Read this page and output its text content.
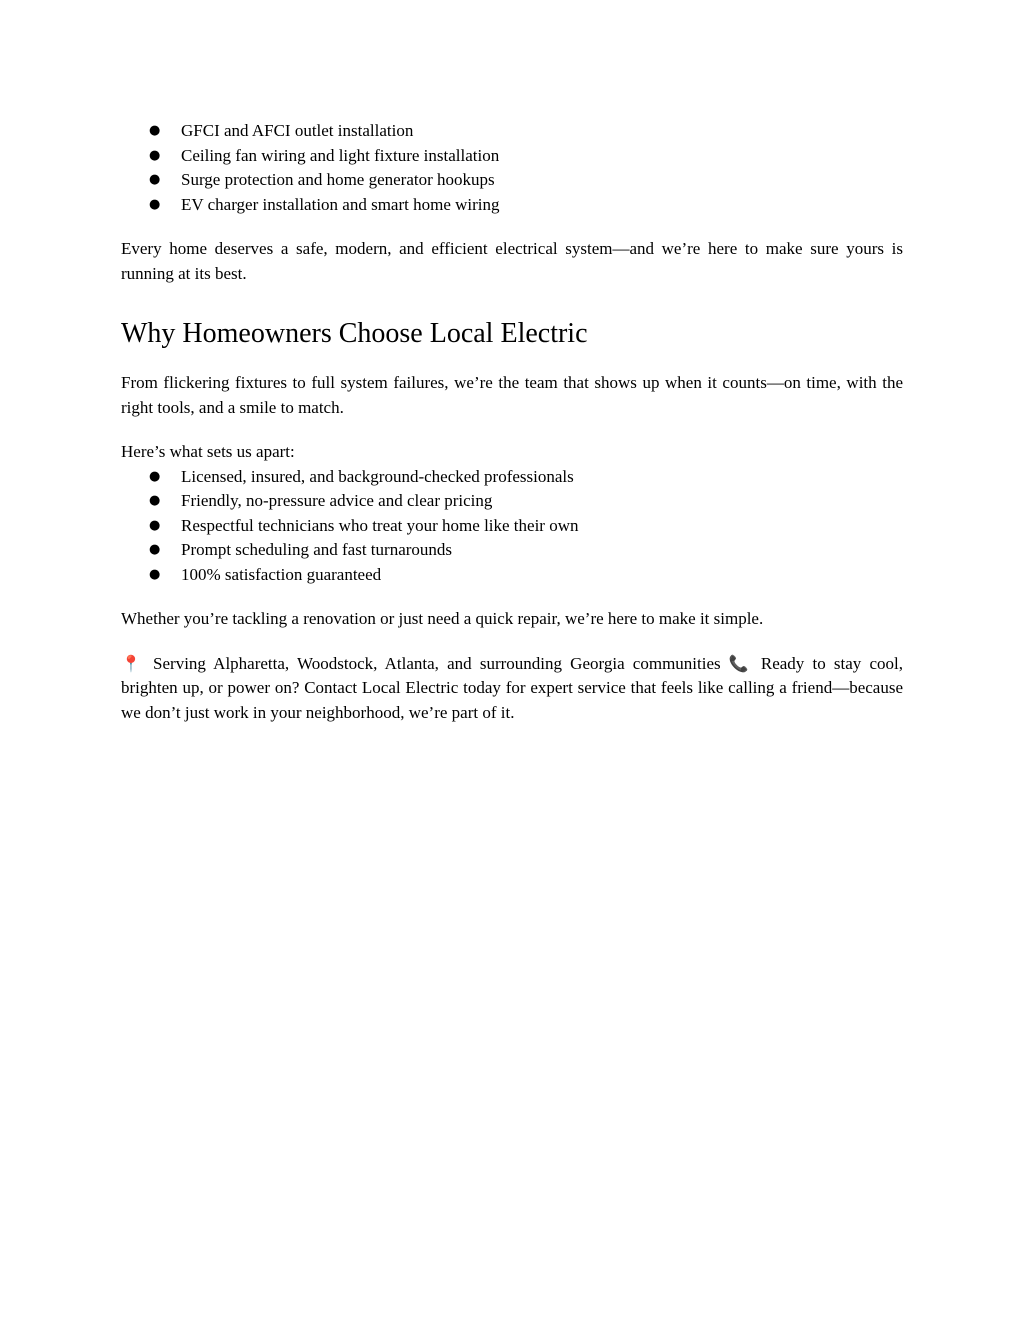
● GFCI and AFCI outlet installation
● Ceiling fan wiring and light fixture installation
● Surge protection and home generator hookups
● EV charger installation and smart home wiring

Every home deserves a safe, modern, and efficient electrical system—and we’re here to make sure yours is running at its best.

Why Homeowners Choose Local Electric

From flickering fixtures to full system failures, we’re the team that shows up when it counts—on time, with the right tools, and a smile to match.

Here’s what sets us apart:

● Licensed, insured, and background-checked professionals
● Friendly, no-pressure advice and clear pricing
● Respectful technicians who treat your home like their own
● Prompt scheduling and fast turnarounds
● 100% satisfaction guaranteed

Whether you’re tackling a renovation or just need a quick repair, we’re here to make it simple.

📍 Serving Alpharetta, Woodstock, Atlanta, and surrounding Georgia communities 📞 Ready to stay cool, brighten up, or power on? Contact Local Electric today for expert service that feels like calling a friend—because we don’t just work in your neighborhood, we’re part of it.
